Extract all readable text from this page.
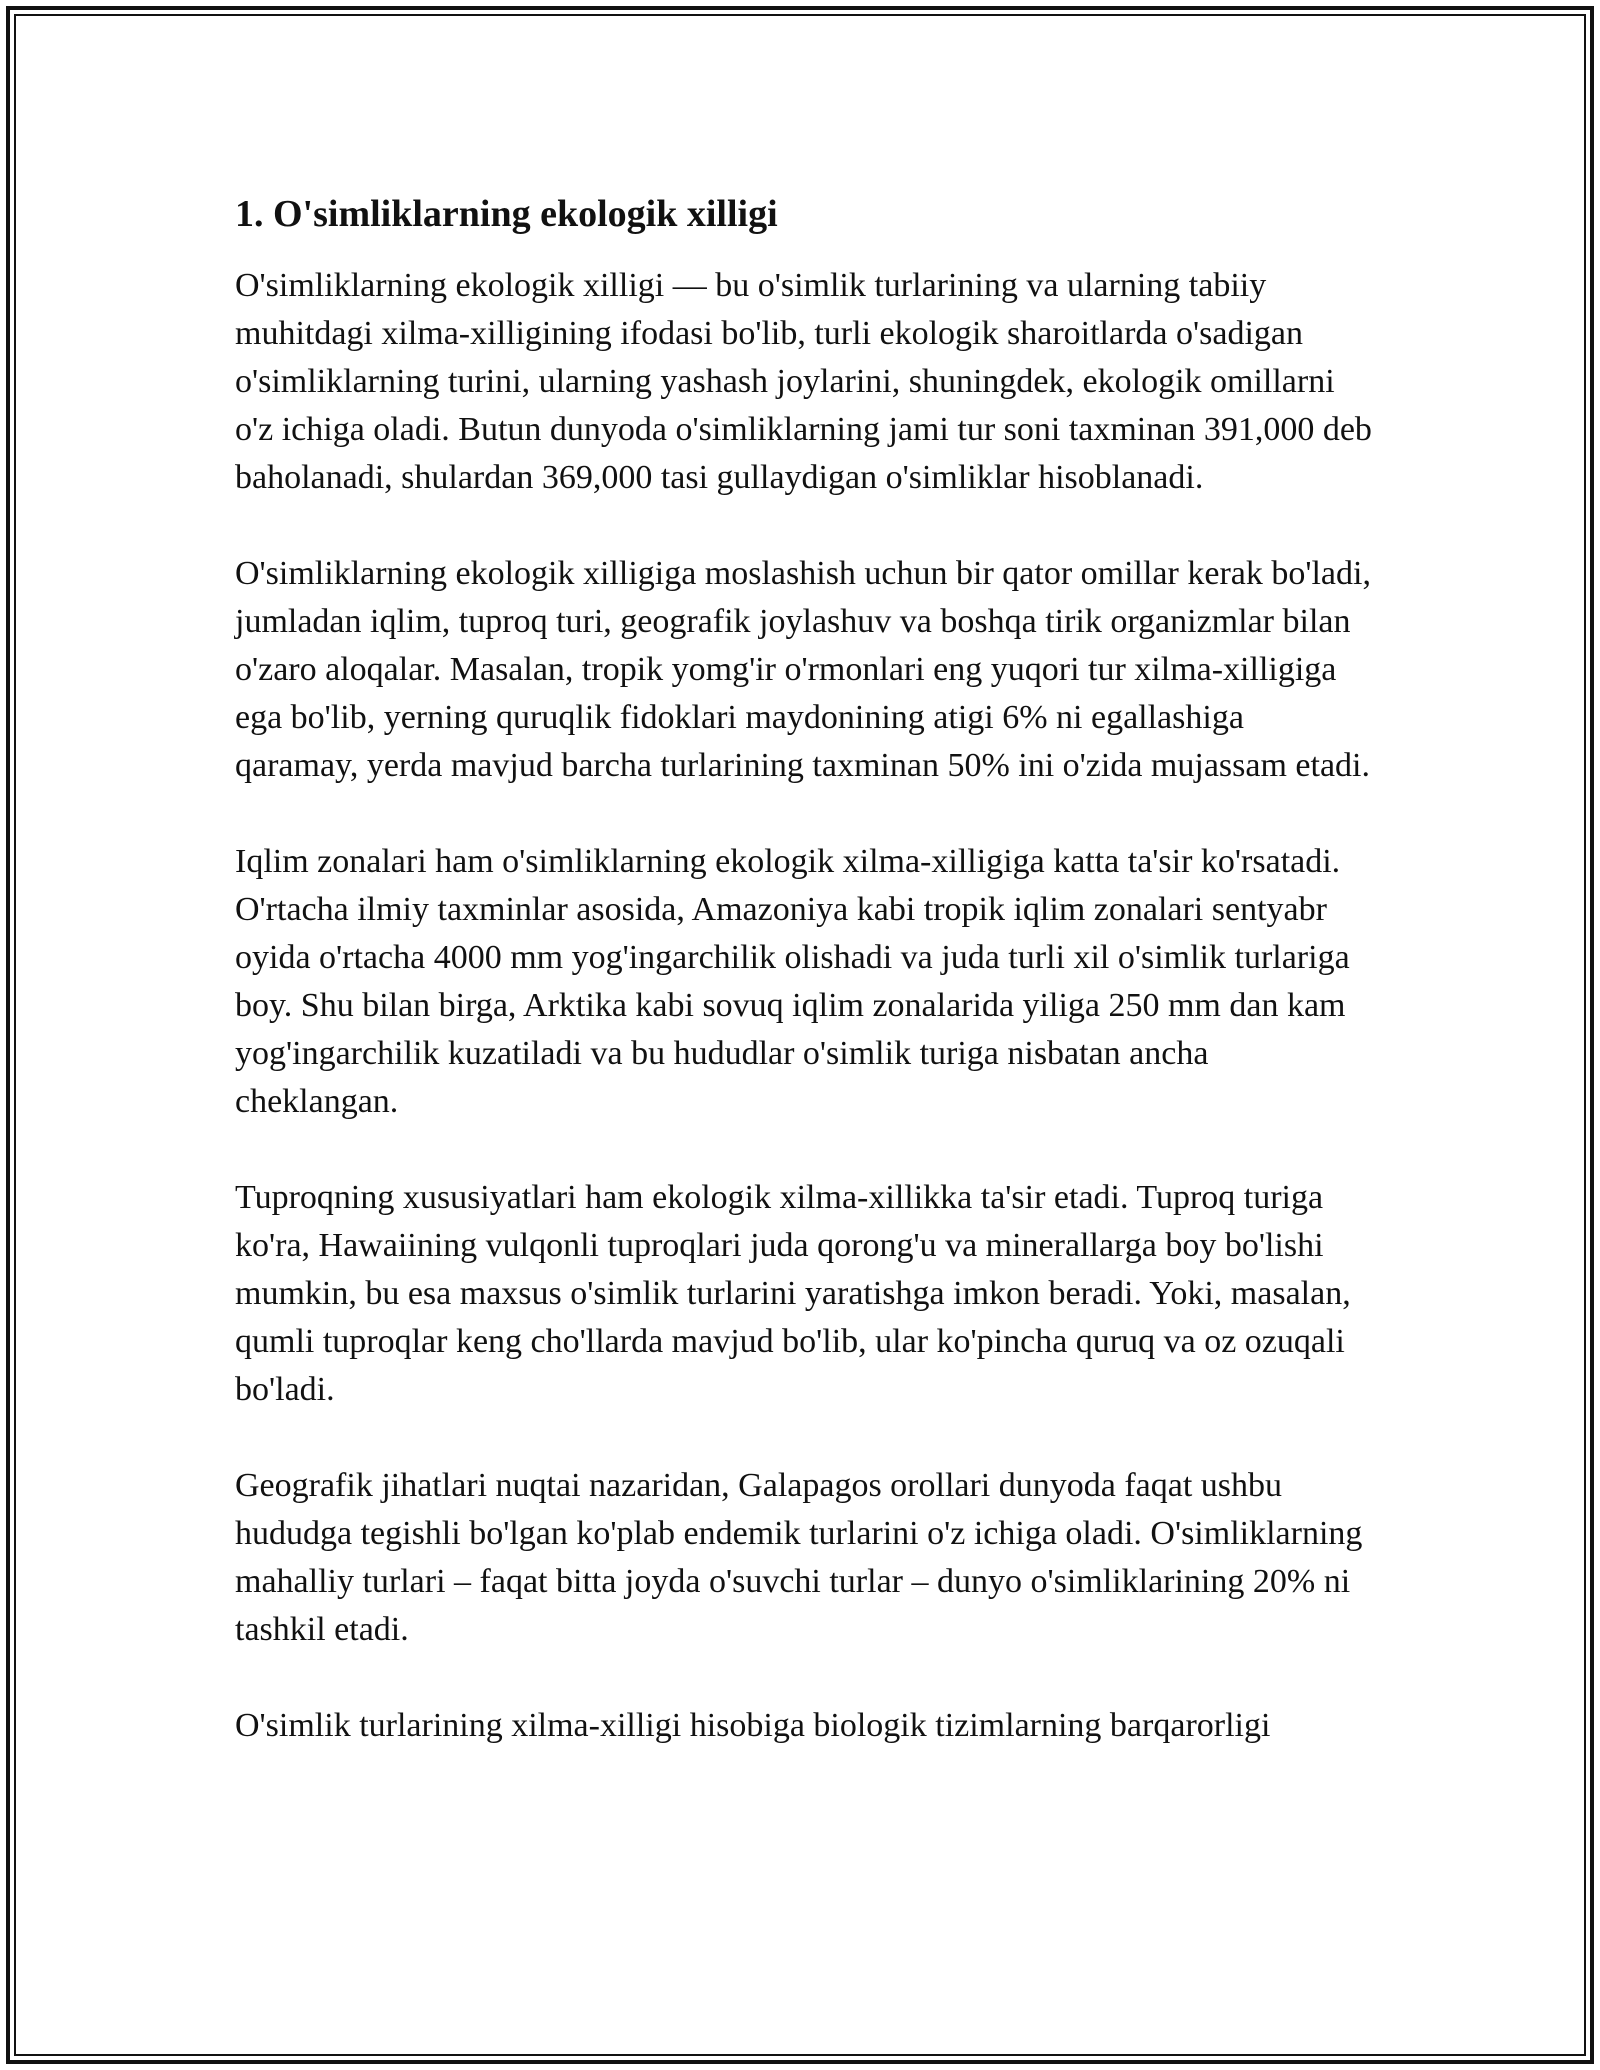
1. O'simliklarning ekologik xilligi

O'simliklarning ekologik xilligi — bu o'simlik turlarining va ularning tabiiy muhitdagi xilma-xilligining ifodasi bo'lib, turli ekologik sharoitlarda o'sadigan o'simliklarning turini, ularning yashash joylarini, shuningdek, ekologik omillarni o'z ichiga oladi. Butun dunyoda o'simliklarning jami tur soni taxminan 391,000 deb baholanadi, shulardan 369,000 tasi gullaydigan o'simliklar hisoblanadi.

O'simliklarning ekologik xilligiga moslashish uchun bir qator omillar kerak bo'ladi, jumladan iqlim, tuproq turi, geografik joylashuv va boshqa tirik organizmlar bilan o'zaro aloqalar. Masalan, tropik yomg'ir o'rmonlari eng yuqori tur xilma-xilligiga ega bo'lib, yerning quruqlik fidoklari maydonining atigi 6% ni egallashiga qaramay, yerda mavjud barcha turlarining taxminan 50% ini o'zida mujassam etadi.

Iqlim zonalari ham o'simliklarning ekologik xilma-xilligiga katta ta'sir ko'rsatadi. O'rtacha ilmiy taxminlar asosida, Amazoniya kabi tropik iqlim zonalari sentyabr oyida o'rtacha 4000 mm yog'ingarchilik olishadi va juda turli xil o'simlik turlariga boy. Shu bilan birga, Arktika kabi sovuq iqlim zonalarida yiliga 250 mm dan kam yog'ingarchilik kuzatiladi va bu hududlar o'simlik turiga nisbatan ancha cheklangan.

Tuproqning xususiyatlari ham ekologik xilma-xillikka ta'sir etadi. Tuproq turiga ko'ra, Hawaiining vulqonli tuproqlari juda qorong'u va minerallarga boy bo'lishi mumkin, bu esa maxsus o'simlik turlarini yaratishga imkon beradi. Yoki, masalan, qumli tuproqlar keng cho'llarda mavjud bo'lib, ular ko'pincha quruq va oz ozuqali bo'ladi.

Geografik jihatlari nuqtai nazaridan, Galapagos orollari dunyoda faqat ushbu hududga tegishli bo'lgan ko'plab endemik turlarini o'z ichiga oladi. O'simliklarning mahalliy turlari – faqat bitta joyda o'suvchi turlar – dunyo o'simliklarining 20% ni tashkil etadi.

O'simlik turlarining xilma-xilligi hisobiga biologik tizimlarning barqarorligi
